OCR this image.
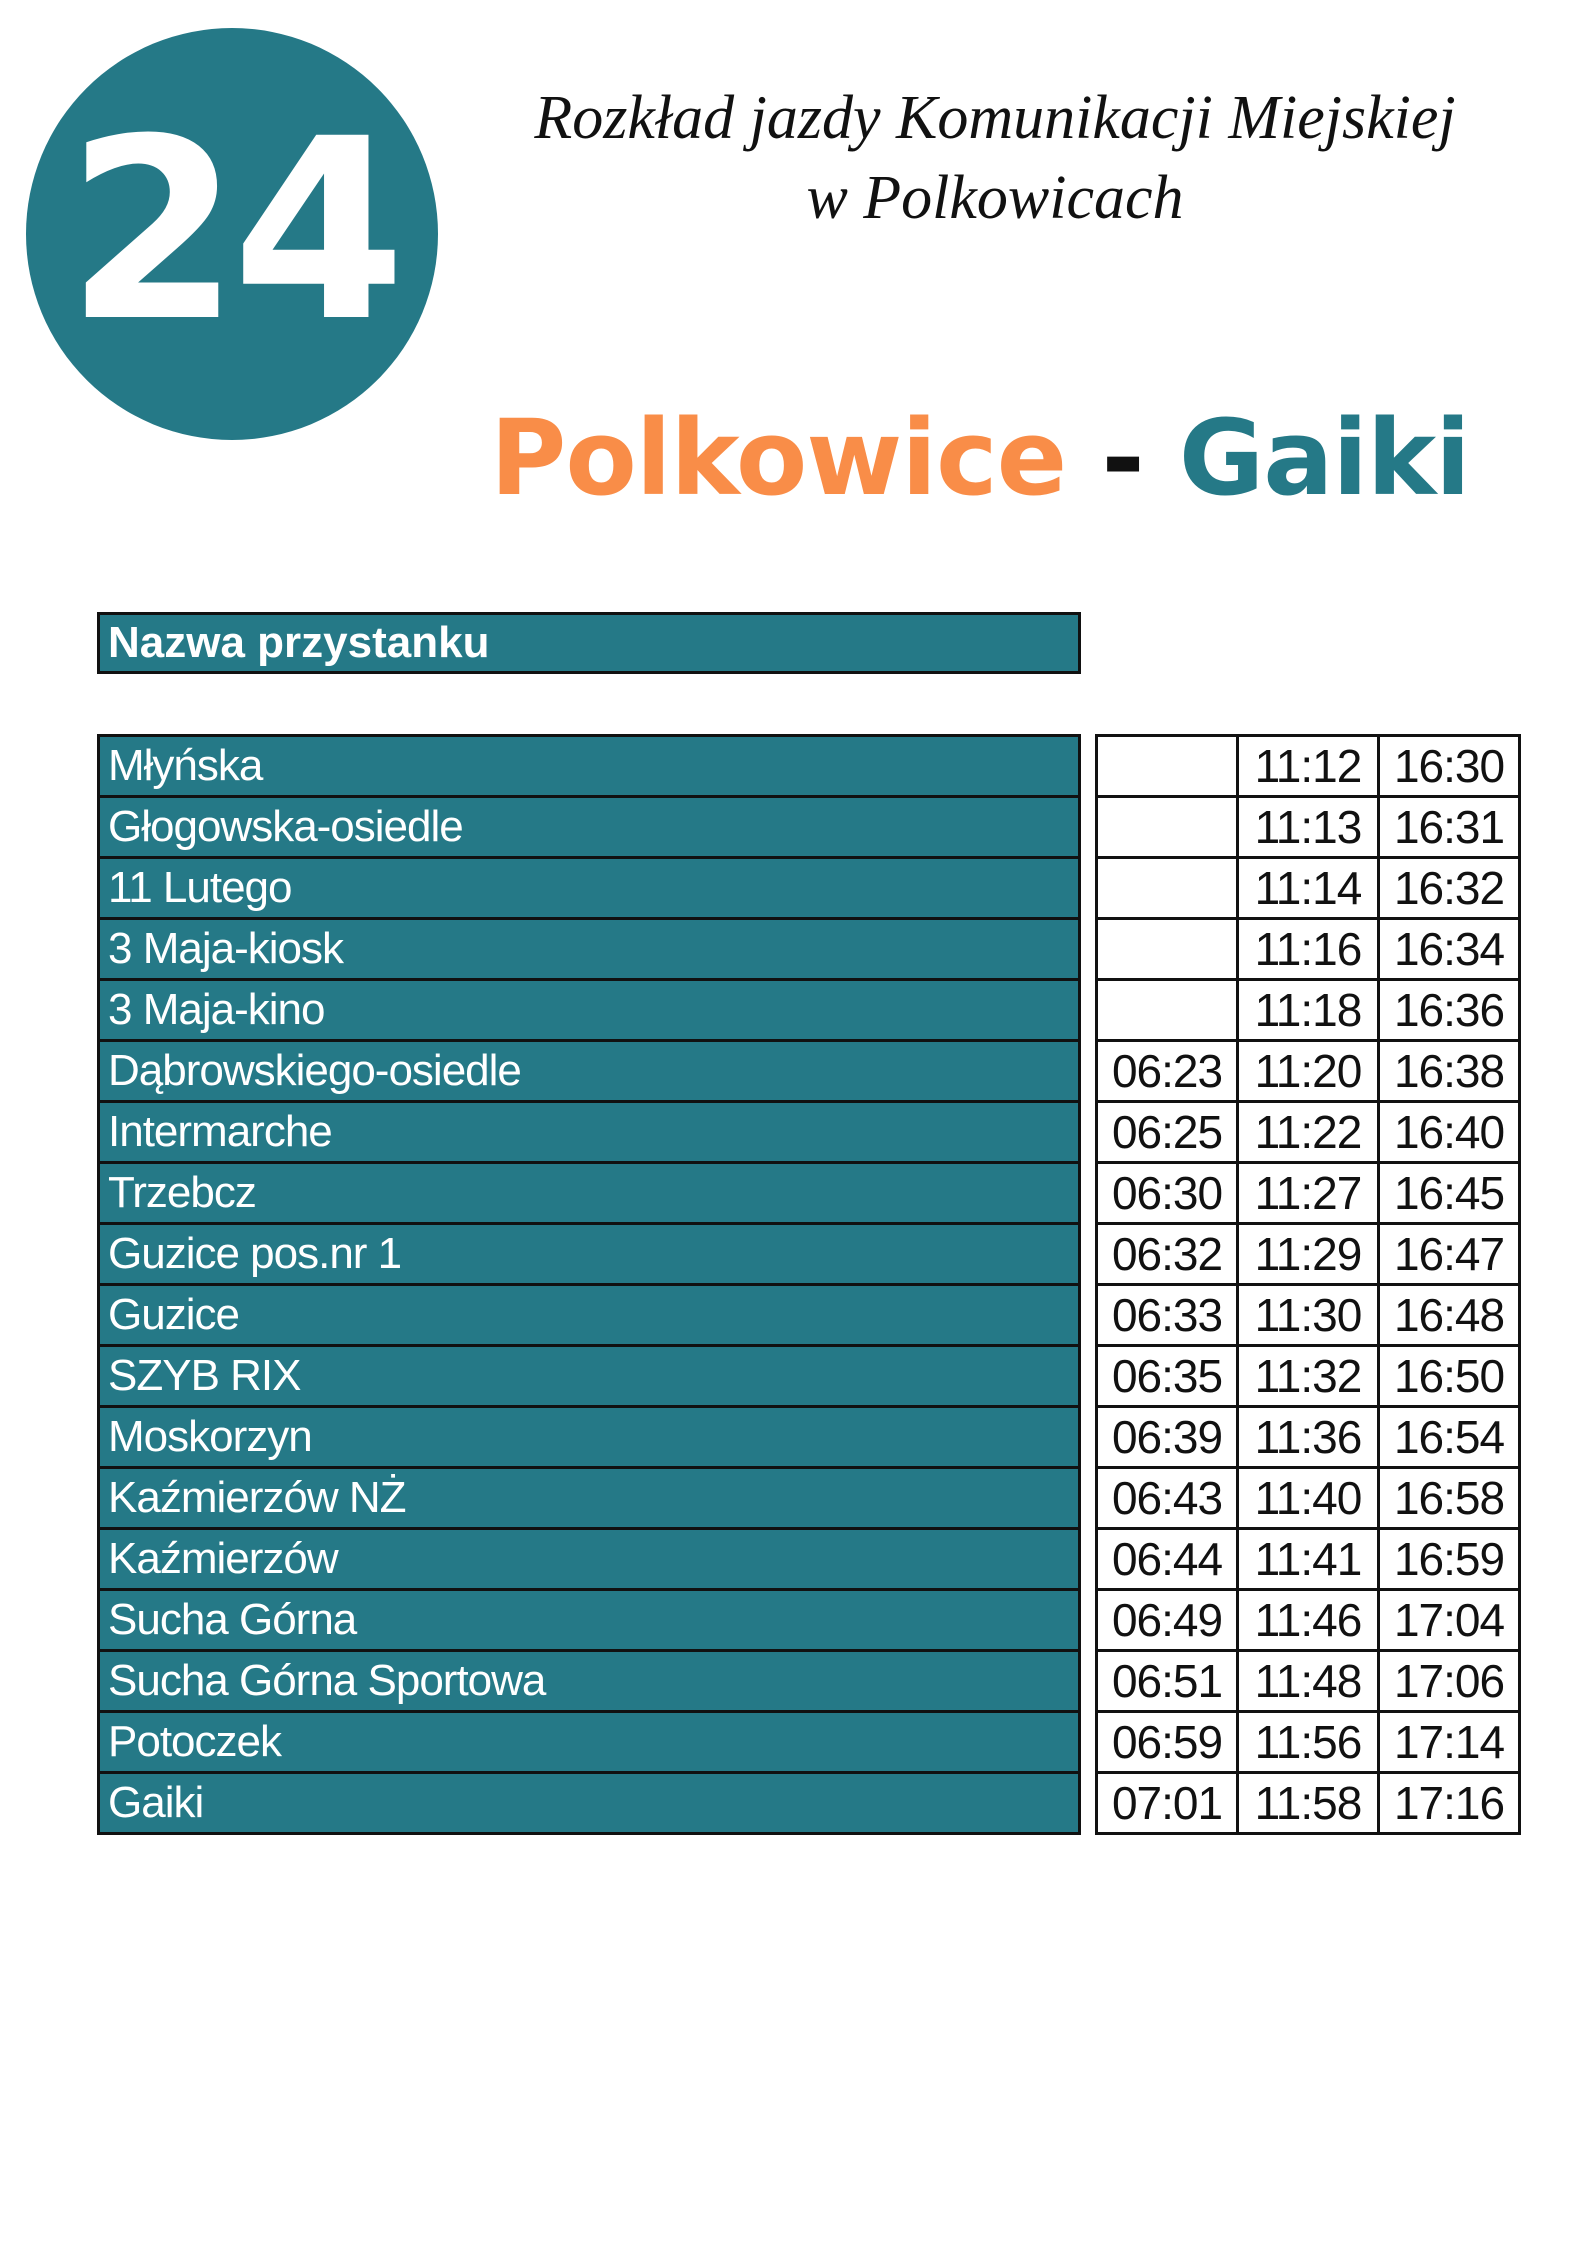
24	Rozkład jazdy Komunikacji Miejskiej
w Polkowicach
Polkowice - Gaiki
Nazwa przystanku
Młyńska
Głogowska-osiedle
11 Lutego
3 Maja-kiosk
3 Maja-kino
Dąbrowskiego-osiedle
Intermarche
Trzebcz
Guzice pos.nr 1
Guzice
SZYB RIX
Moskorzyn
Kaźmierzów NŻ
Kaźmierzów
Sucha Górna
Sucha Górna Sportowa
Potoczek
Gaiki
11:12 16:30
11:13 16:31
11:14 16:32
11:16 16:34
11:18 16:36
06:23 11:20 16:38
06:25 11:22 16:40
06:30 11:27 16:45
06:32 11:29 16:47
06:33 11:30 16:48
06:35 11:32 16:50
06:39 11:36 16:54
06:43 11:40 16:58
06:44 11:41 16:59
06:49 11:46 17:04
06:51 11:48 17:06
06:59 11:56 17:14
07:01 11:58 17:16
